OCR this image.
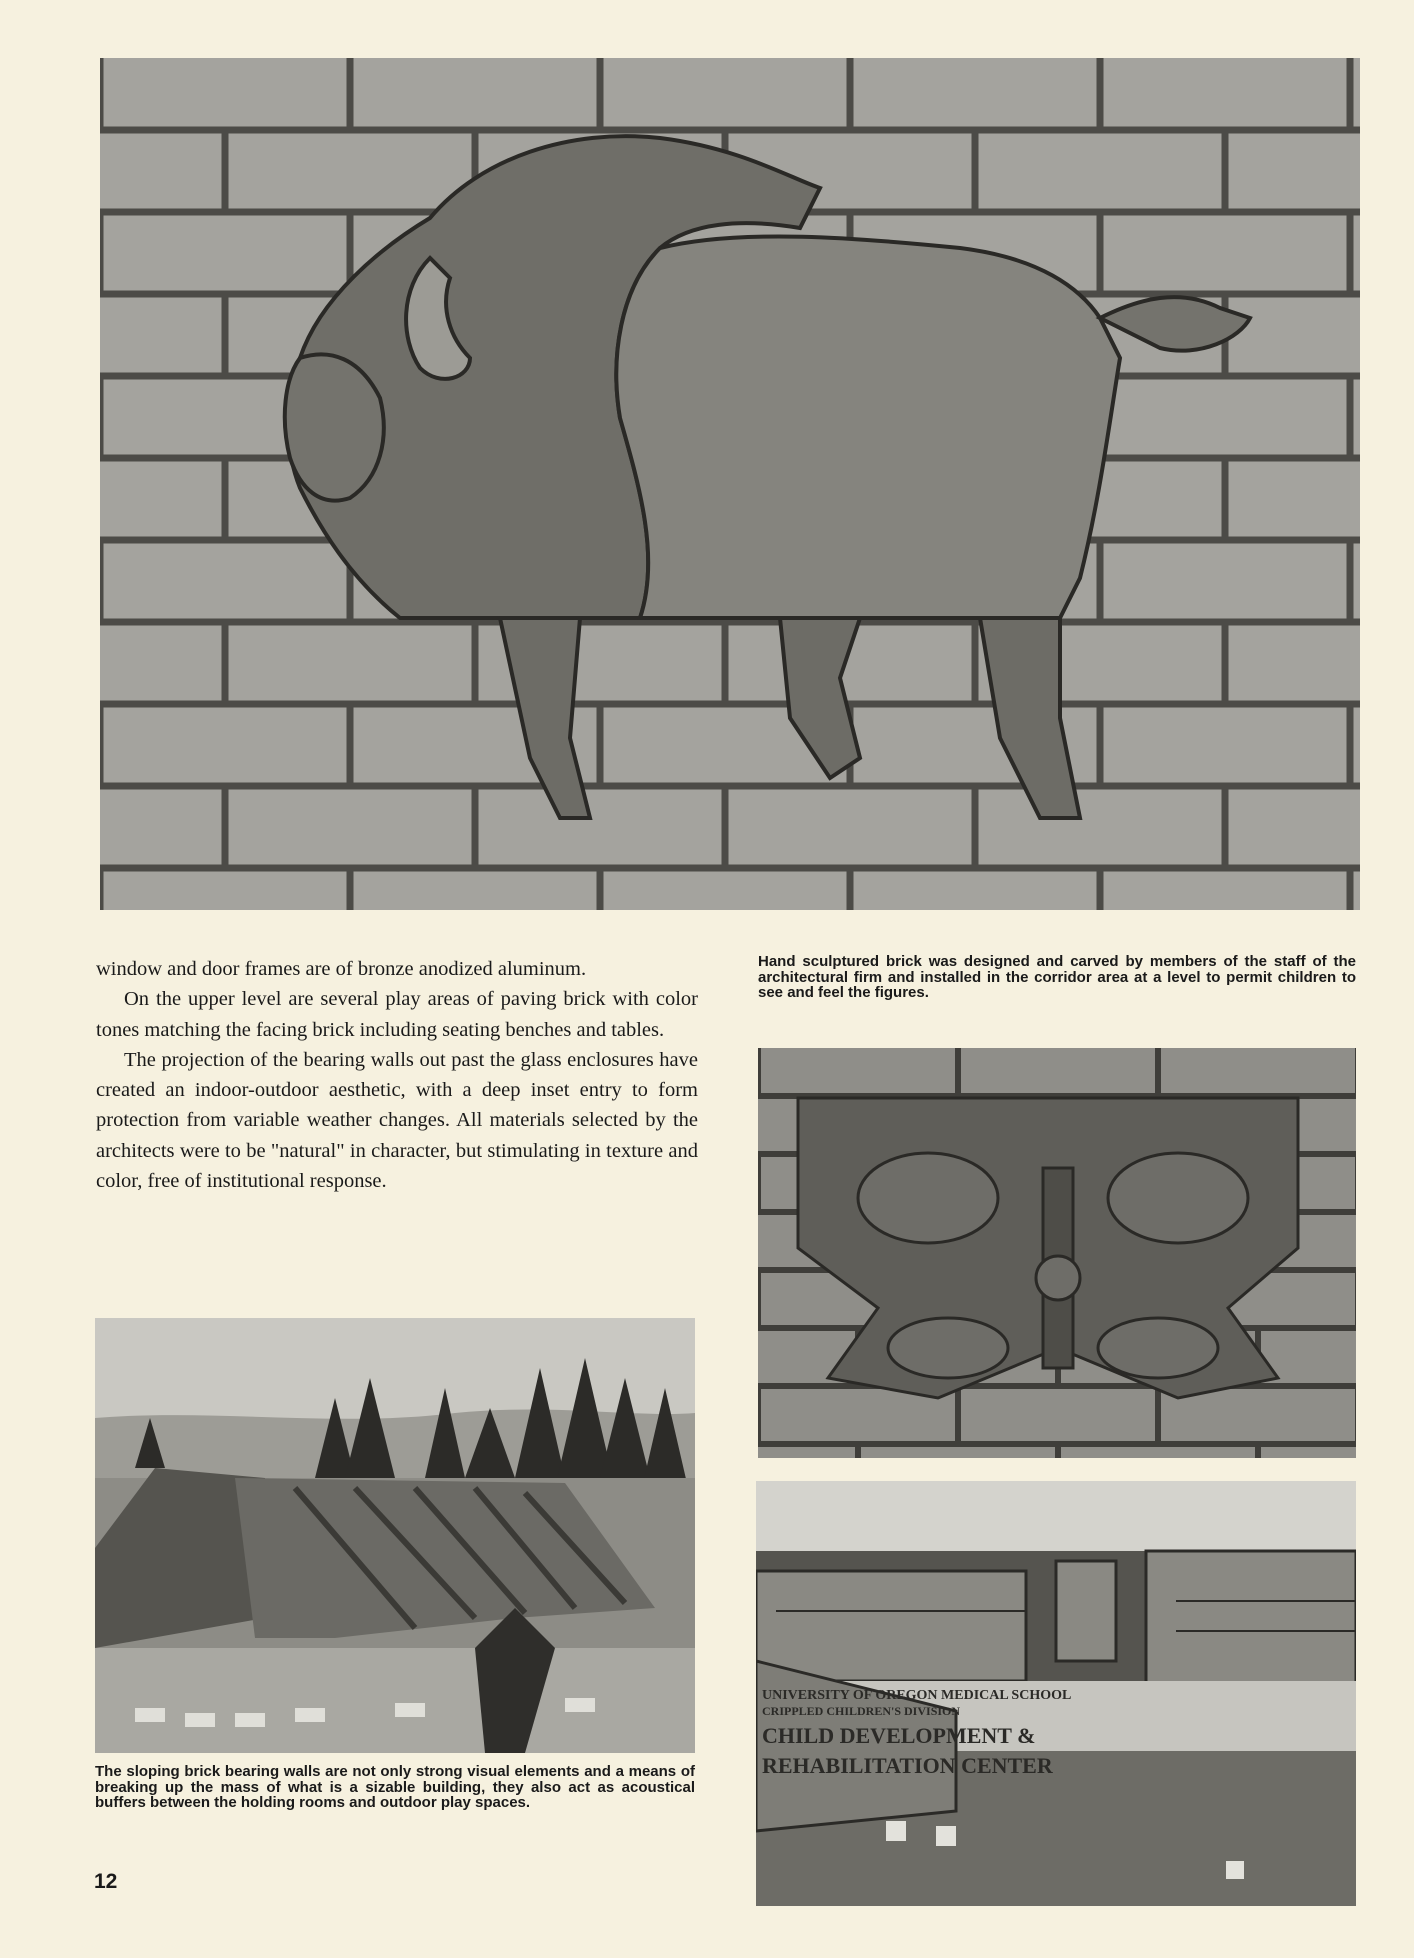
window and door frames are of bronze anodized aluminum.

On the upper level are several play areas of paving brick with color tones matching the facing brick including seating benches and tables.

The projection of the bearing walls out past the glass enclosures have created an indoor-outdoor aesthetic, with a deep inset entry to form protection from variable weather changes. All materials selected by the architects were to be "natural" in character, but stimulating in texture and color, free of institutional response.

Hand sculptured brick was designed and carved by members of the staff of the architectural firm and installed in the corridor area at a level to permit children to see and feel the figures.
The sloping brick bearing walls are not only strong visual elements and a means of breaking up the mass of what is a sizable building, they also act as acoustical buffers between the holding rooms and outdoor play spaces.
UNIVERSITY OF OREGON MEDICAL SCHOOL
CRIPPLED CHILDREN'S DIVISION
CHILD DEVELOPMENT &
REHABILITATION CENTER
12
